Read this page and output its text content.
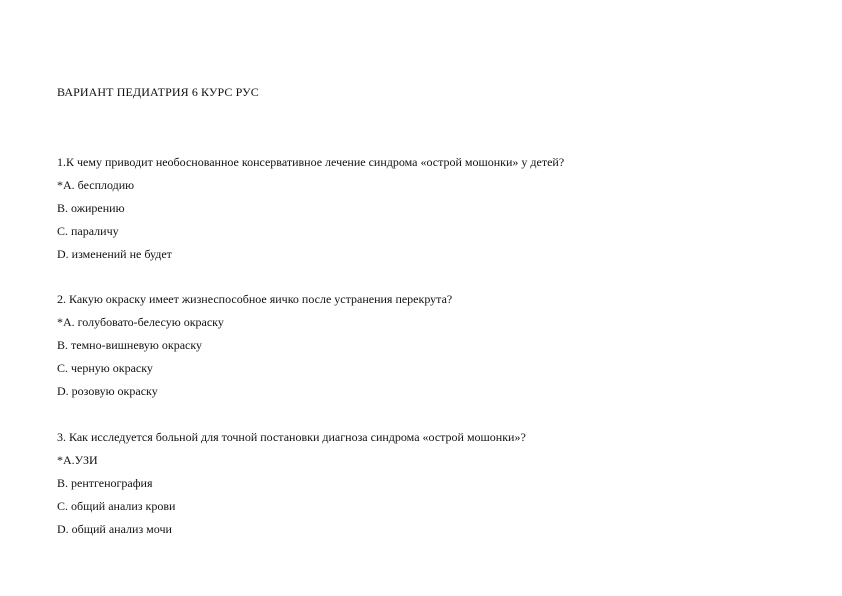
ВАРИАНТ ПЕДИАТРИЯ 6 КУРС РУС
1.К чему приводит необоснованное консервативное лечение синдрома «острой мошонки» у детей?
*А. бесплодию
B. ожирению
C. параличу
D. изменений не будет
2. Какую окраску имеет жизнеспособное яичко после устранения перекрута?
*А. голубовато-белесую окраску
B. темно-вишневую окраску
C. черную окраску
D. розовую окраску
3. Как исследуется больной для точной постановки диагноза синдрома «острой мошонки»?
*А.УЗИ
B. рентгенография
C. общий анализ крови
D. общий анализ мочи
